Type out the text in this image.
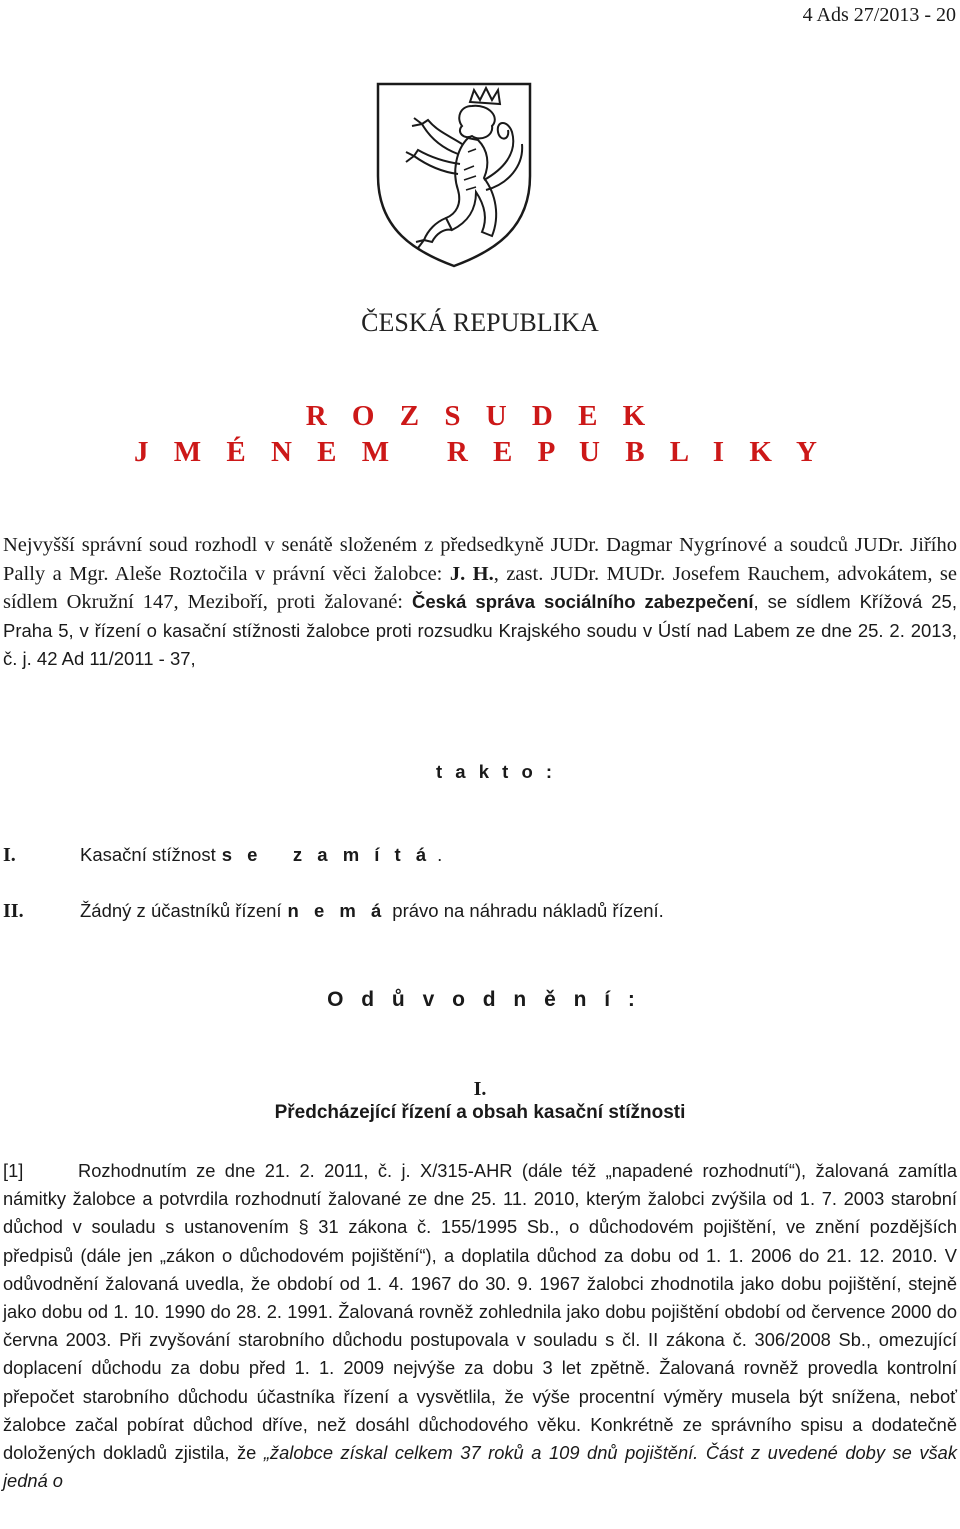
4 Ads 27/2013 - 20
ČESKÁ REPUBLIKA
R O Z S U D E K
J M É N E M   R E P U B L I K Y
Nejvyšší správní soud rozhodl v senátě složeném z předsedkyně JUDr. Dagmar Nygrínové a soudců JUDr. Jiřího Pally a Mgr. Aleše Roztočila v právní věci žalobce: J. H., zast. JUDr. MUDr. Josefem Rauchem, advokátem, se sídlem Okružní 147, Meziboří, proti žalované: Česká správa sociálního zabezpečení, se sídlem Křížová 25, Praha 5, v řízení o kasační stížnosti žalobce proti rozsudku Krajského soudu v Ústí nad Labem ze dne 25. 2. 2013, č. j. 42 Ad 11/2011 - 37,
t a k t o :
I.	Kasační stížnost s e   z a m í t á .
II.	Žádný z účastníků řízení n e m á právo na náhradu nákladů řízení.
O d ů v o d n ě n í :
I.
Předcházející řízení a obsah kasační stížnosti
[1]	Rozhodnutím ze dne 21. 2. 2011, č. j. X/315-AHR (dále též „napadené rozhodnutí“), žalovaná zamítla námitky žalobce a potvrdila rozhodnutí žalované ze dne 25. 11. 2010, kterým žalobci zvýšila od 1. 7. 2003 starobní důchod v souladu s ustanovením § 31 zákona č. 155/1995 Sb., o důchodovém pojištění, ve znění pozdějších předpisů (dále jen „zákon o důchodovém pojištění“), a doplatila důchod za dobu od 1. 1. 2006 do 21. 12. 2010. V odůvodnění žalovaná uvedla, že období od 1. 4. 1967 do 30. 9. 1967 žalobci zhodnotila jako dobu pojištění, stejně jako dobu od 1. 10. 1990 do 28. 2. 1991. Žalovaná rovněž zohlednila jako dobu pojištění období od července 2000 do června 2003. Při zvyšování starobního důchodu postupovala v souladu s čl. II zákona č. 306/2008 Sb., omezující doplacení důchodu za dobu před 1. 1. 2009 nejvýše za dobu 3 let zpětně. Žalovaná rovněž provedla kontrolní přepočet starobního důchodu účastníka řízení a vysvětlila, že výše procentní výměry musela být snížena, neboť žalobce začal pobírat důchod dříve, než dosáhl důchodového věku. Konkrétně ze správního spisu a dodatečně doložených dokladů zjistila, že „žalobce získal celkem 37 roků a 109 dnů pojištění. Část z uvedené doby se však jedná o
